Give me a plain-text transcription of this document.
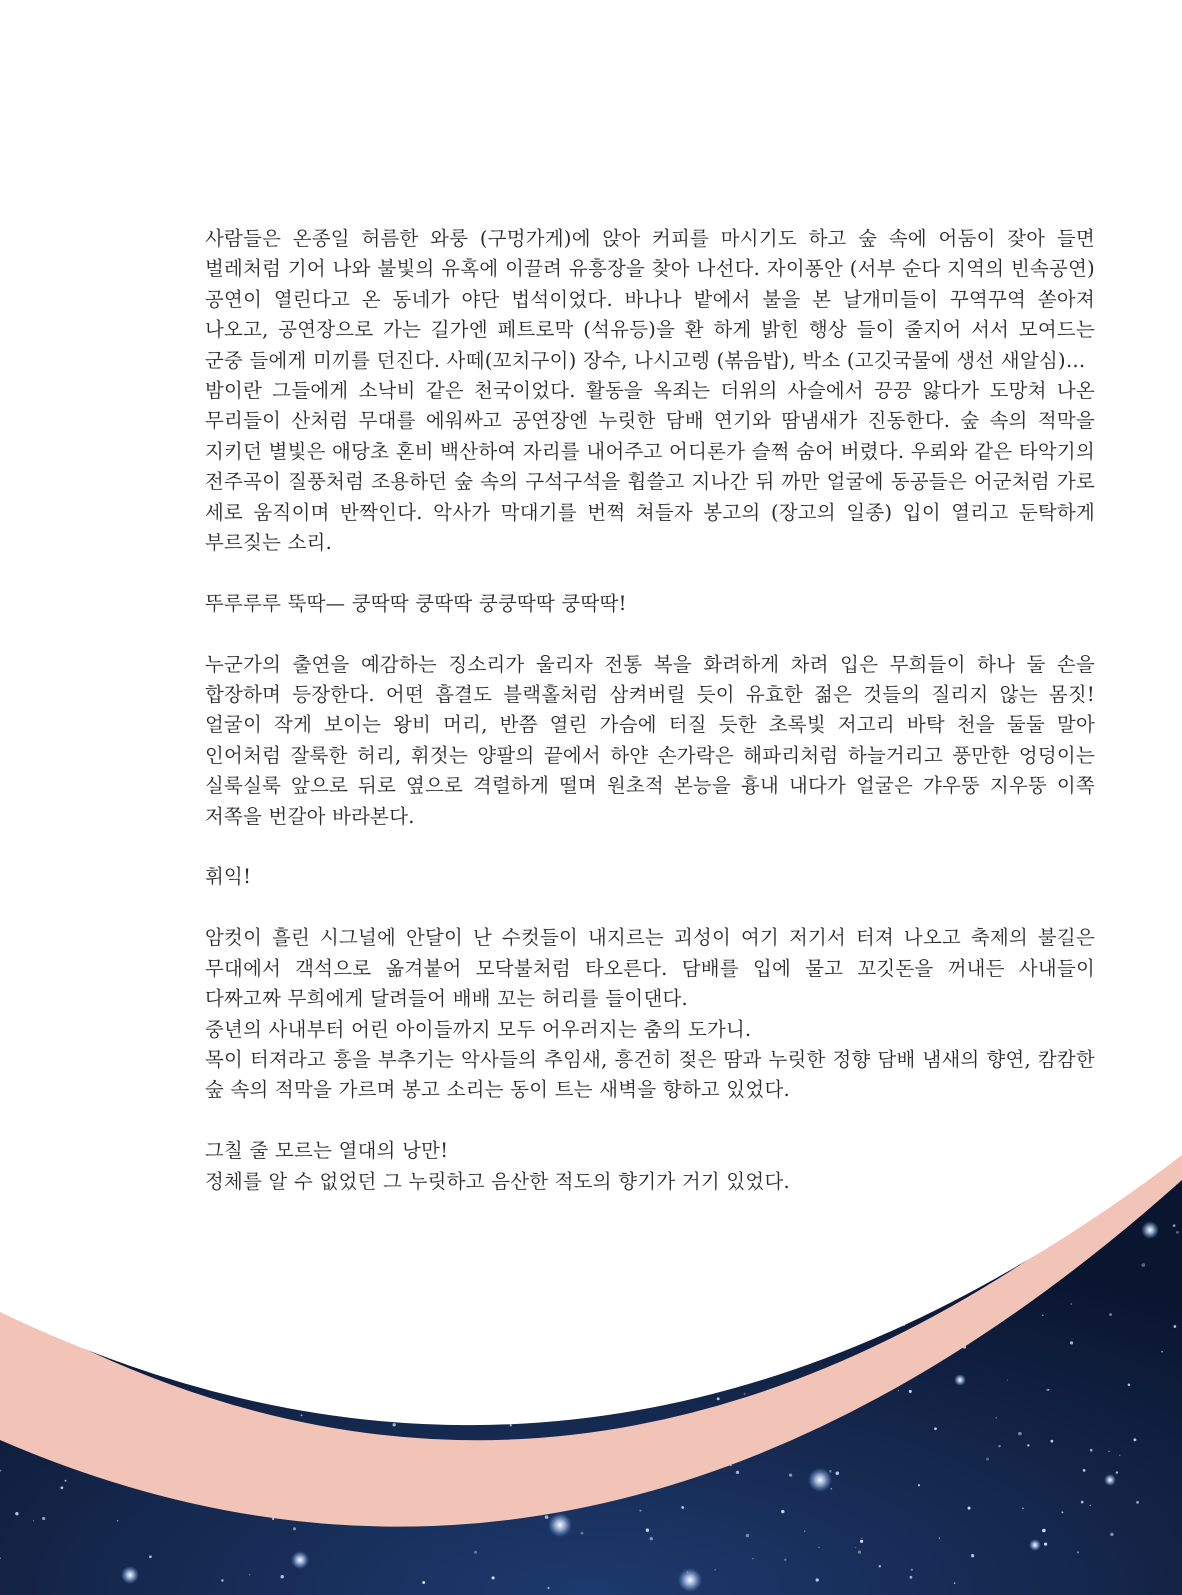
사람들은 온종일 허름한 와룽 (구멍가게)에 앉아 커피를 마시기도 하고 숲 속에 어둠이 잦아 들면 벌레처럼 기어 나와 불빛의 유혹에 이끌려 유흥장을 찾아 나선다. 자이퐁안 (서부 순다 지역의 빈속공연) 공연이 열린다고 온 동네가 야단 법석이었다. 바나나 밭에서 불을 본 날개미들이 꾸역꾸역 쏟아져 나오고, 공연장으로 가는 길가엔 페트로막 (석유등)을 환 하게 밝힌 행상 들이 줄지어 서서 모여드는 군중 들에게 미끼를 던진다. 사떼(꼬치구이) 장수, 나시고렝 (볶음밥), 박소 (고깃국물에 생선 새알심)…

밤이란 그들에게 소낙비 같은 천국이었다. 활동을 옥죄는 더위의 사슬에서 끙끙 앓다가 도망쳐 나온 무리들이 산처럼 무대를 에워싸고 공연장엔 누릿한 담배 연기와 땀냄새가 진동한다. 숲 속의 적막을 지키던 별빛은 애당초 혼비 백산하여 자리를 내어주고 어디론가 슬쩍 숨어 버렸다. 우뢰와 같은 타악기의 전주곡이 질풍처럼 조용하던 숲 속의 구석구석을 휩쓸고 지나간 뒤 까만 얼굴에 동공들은 어군처럼 가로 세로 움직이며 반짝인다. 악사가 막대기를 번쩍 쳐들자 봉고의 (장고의 일종) 입이 열리고 둔탁하게 부르짖는 소리.

뚜루루루 뚝딱— 쿵딱딱 쿵딱딱 쿵쿵딱딱 쿵딱딱!

누군가의 출연을 예감하는 징소리가 울리자 전통 복을 화려하게 차려 입은 무희들이 하나 둘 손을 합장하며 등장한다. 어떤 흡결도 블랙홀처럼 삼켜버릴 듯이 유효한 젊은 것들의 질리지 않는 몸짓! 얼굴이 작게 보이는 왕비 머리, 반쯤 열린 가슴에 터질 듯한 초록빛 저고리 바탁 천을 둘둘 말아 인어처럼 잘룩한 허리, 휘젓는 양팔의 끝에서 하얀 손가락은 해파리처럼 하늘거리고 풍만한 엉덩이는 실룩실룩 앞으로 뒤로 옆으로 격렬하게 떨며 원초적 본능을 흉내 내다가 얼굴은 갸우뚱 지우뚱 이쪽 저쪽을 번갈아 바라본다.

휘익!

암컷이 흘린 시그널에 안달이 난 수컷들이 내지르는 괴성이 여기 저기서 터져 나오고 축제의 불길은 무대에서 객석으로 옮겨붙어 모닥불처럼 타오른다. 담배를 입에 물고 꼬깃돈을 꺼내든 사내들이 다짜고짜 무희에게 달려들어 배배 꼬는 허리를 들이댄다.

중년의 사내부터 어린 아이들까지 모두 어우러지는 춤의 도가니.

목이 터져라고 흥을 부추기는 악사들의 추임새, 흥건히 젖은 땀과 누릿한 정향 담배 냄새의 향연, 캄캄한 숲 속의 적막을 가르며 봉고 소리는 동이 트는 새벽을 향하고 있었다.

그칠 줄 모르는 열대의 낭만!

정체를 알 수 없었던 그 누릿하고 음산한 적도의 향기가 거기 있었다.
